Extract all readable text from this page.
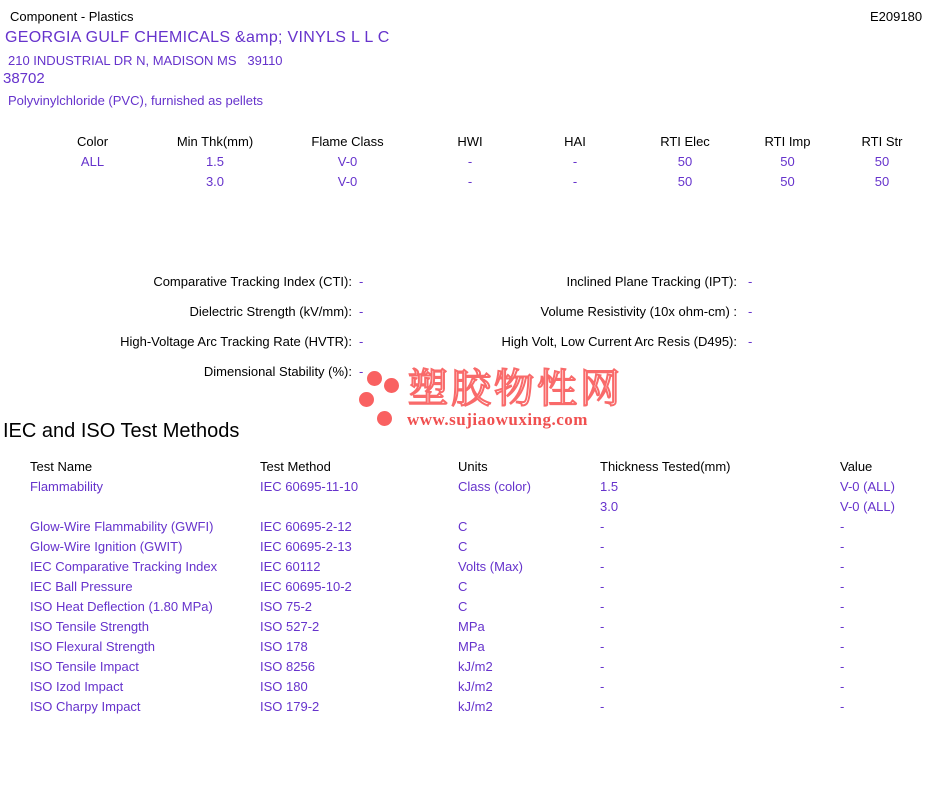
Component - Plastics	E209180
GEORGIA GULF CHEMICALS &amp; VINYLS L L C
210 INDUSTRIAL DR N, MADISON MS   39110
38702
Polyvinylchloride (PVC), furnished as pellets
Color	Min Thk(mm)	Flame Class	HWI	HAI	RTI Elec	RTI Imp	RTI Str
ALL	1.5	V-0	-	-	50	50	50
	3.0	V-0	-	-	50	50	50
Comparative Tracking Index (CTI): -	Inclined Plane Tracking (IPT): -
Dielectric Strength (kV/mm): -	Volume Resistivity (10x ohm-cm) : -
High-Voltage Arc Tracking Rate (HVTR): -	High Volt, Low Current Arc Resis (D495): -
Dimensional Stability (%): -	塑胶物性网
www.sujiaowuxing.com
IEC and ISO Test Methods
Test Name	Test Method	Units	Thickness Tested(mm)	Value
Flammability	IEC 60695-11-10	Class (color)	1.5	V-0 (ALL)
			3.0	V-0 (ALL)
Glow-Wire Flammability (GWFI)	IEC 60695-2-12	C	-	-
Glow-Wire Ignition (GWIT)	IEC 60695-2-13	C	-	-
IEC Comparative Tracking Index	IEC 60112	Volts (Max)	-	-
IEC Ball Pressure	IEC 60695-10-2	C	-	-
ISO Heat Deflection (1.80 MPa)	ISO 75-2	C	-	-
ISO Tensile Strength	ISO 527-2	MPa	-	-
ISO Flexural Strength	ISO 178	MPa	-	-
ISO Tensile Impact	ISO 8256	kJ/m2	-	-
ISO Izod Impact	ISO 180	kJ/m2	-	-
ISO Charpy Impact	ISO 179-2	kJ/m2	-	-
